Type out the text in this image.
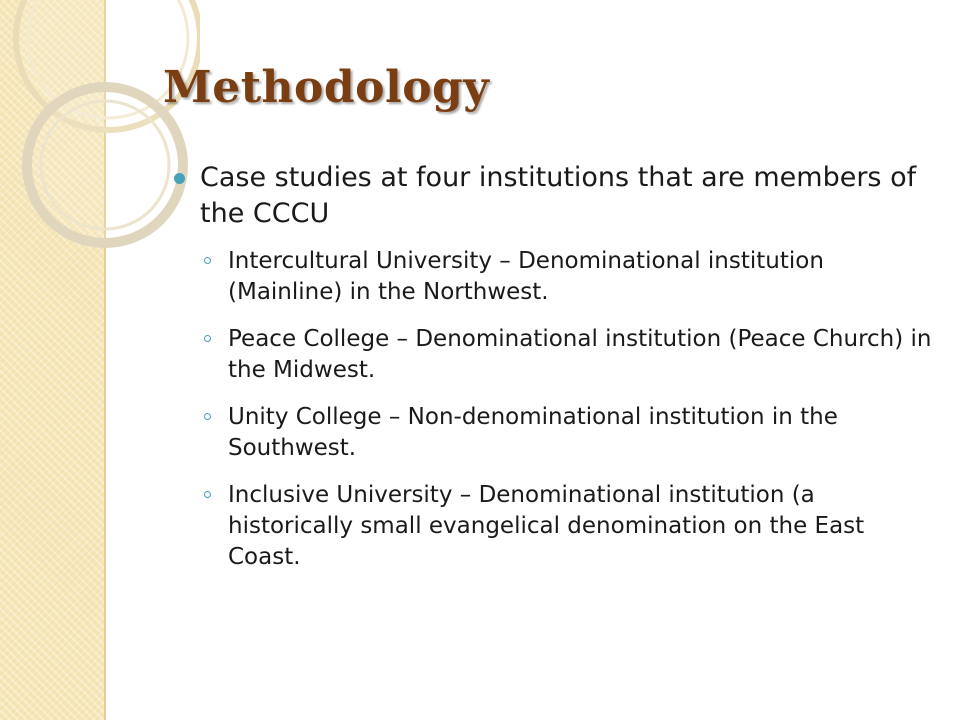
Methodology
Case studies at four institutions that are members of the CCCU
Intercultural University – Denominational institution (Mainline) in the Northwest.
Peace College – Denominational institution (Peace Church) in the Midwest.
Unity College – Non-denominational institution in the Southwest.
Inclusive University – Denominational institution (a historically small evangelical denomination on the East Coast.
